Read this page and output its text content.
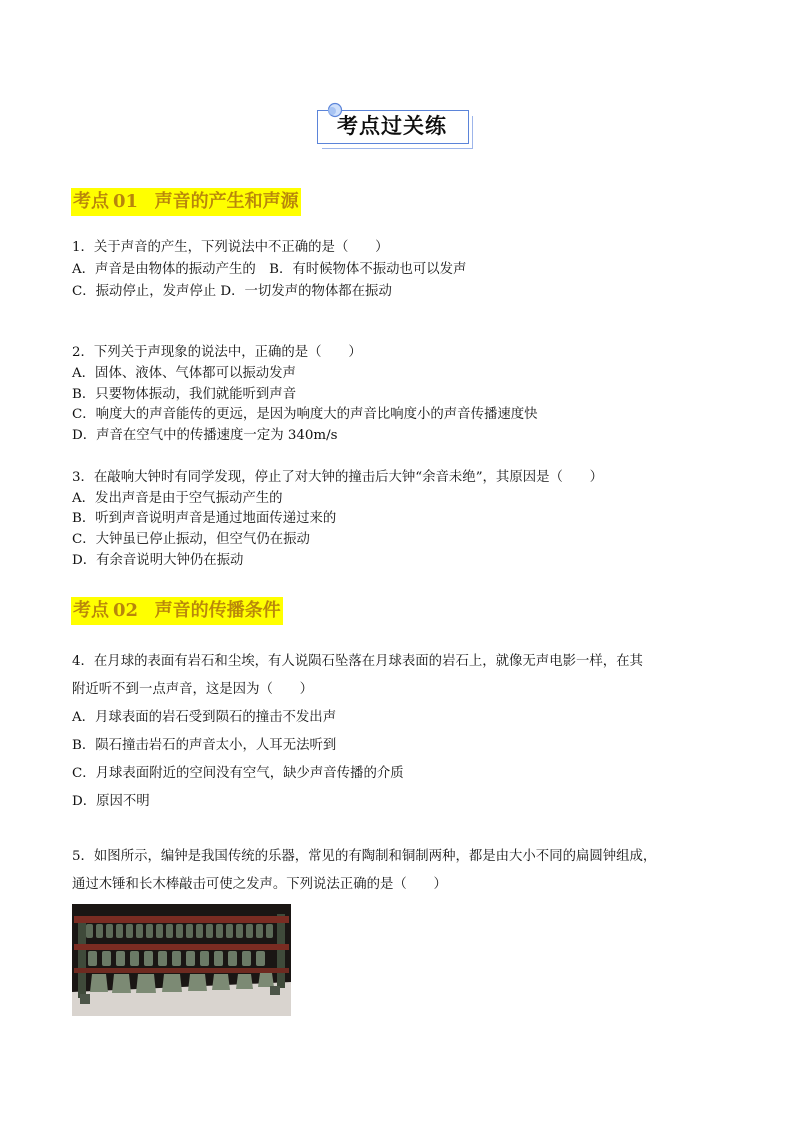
考点过关练
考点 01 声音的产生和声源
1．关于声音的产生，下列说法中不正确的是（　　）
A．声音是由物体的振动产生的　B．有时候物体不振动也可以发声
C．振动停止，发声停止 D．一切发声的物体都在振动
2．下列关于声现象的说法中，正确的是（　　）
A．固体、液体、气体都可以振动发声
B．只要物体振动，我们就能听到声音
C．响度大的声音能传的更远，是因为响度大的声音比响度小的声音传播速度快
D．声音在空气中的传播速度一定为 340m/s
3．在敲响大钟时有同学发现，停止了对大钟的撞击后大钟“余音未绝”，其原因是（　　）
A．发出声音是由于空气振动产生的
B．听到声音说明声音是通过地面传递过来的
C．大钟虽已停止振动，但空气仍在振动
D．有余音说明大钟仍在振动
考点 02 声音的传播条件
4．在月球的表面有岩石和尘埃，有人说陨石坠落在月球表面的岩石上，就像无声电影一样，在其
附近听不到一点声音，这是因为（　　）
A．月球表面的岩石受到陨石的撞击不发出声
B．陨石撞击岩石的声音太小，人耳无法听到
C．月球表面附近的空间没有空气，缺少声音传播的介质
D．原因不明
5．如图所示，编钟是我国传统的乐器，常见的有陶制和铜制两种，都是由大小不同的扁圆钟组成，
通过木锤和长木棒敲击可使之发声。下列说法正确的是（　　）
